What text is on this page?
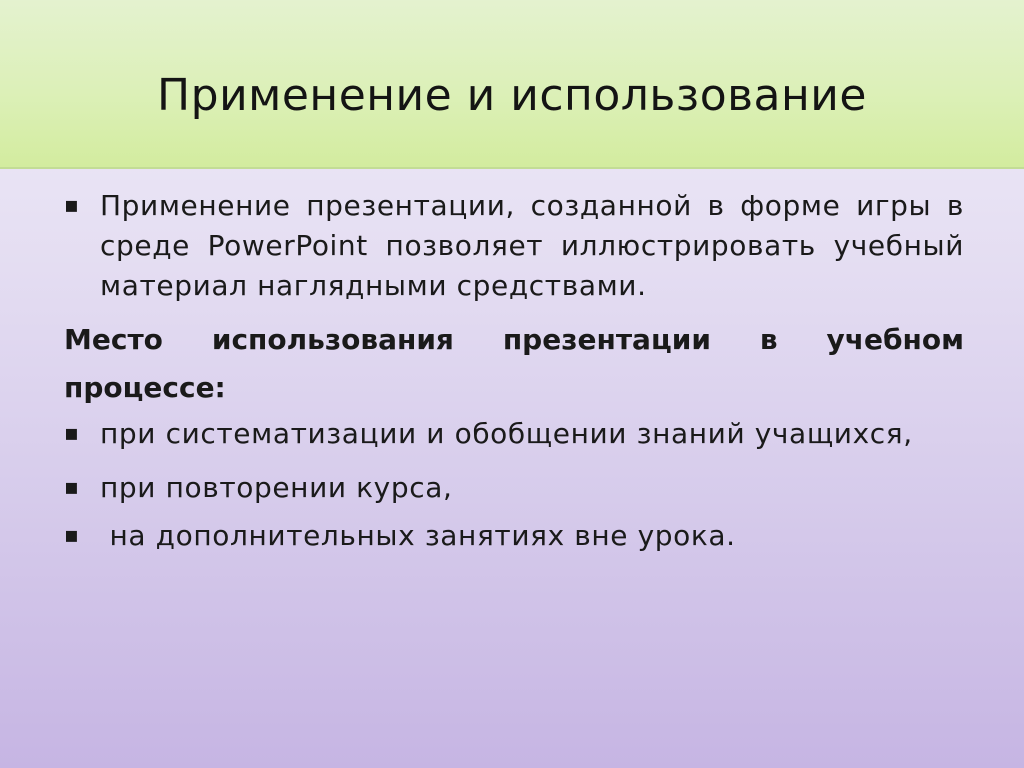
Применение и использование
▪ Применение презентации, созданной в форме игры в среде PowerPoint позволяет иллюстрировать учебный материал наглядными средствами.
Место использования презентации в учебном процессе:
▪ при систематизации и обобщении знаний учащихся,
▪ при повторении курса,
▪ на дополнительных занятиях вне урока.
